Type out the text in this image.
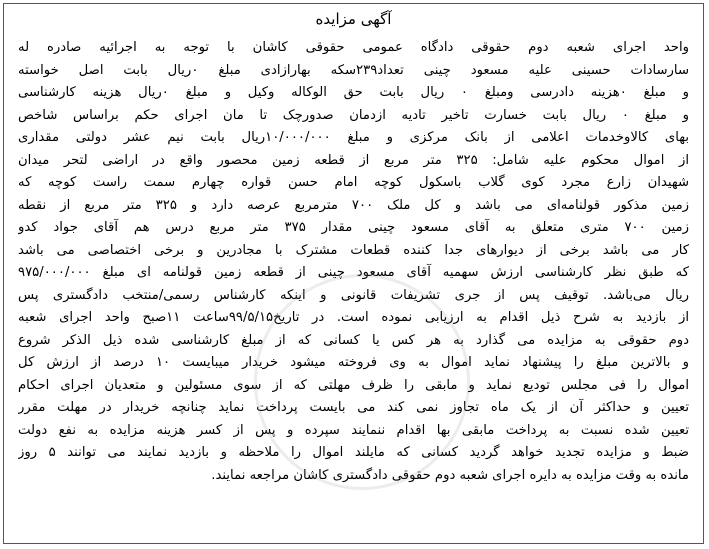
آگهی مزایده
واحد اجرای شعبه دوم حقوقی دادگاه عمومی حقوقی کاشان با توجه به اجرائیه صادره له
سارسادات حسینی علیه مسعود چینی تعداد۲۳۹سکه بهارازادی مبلغ ۰ریال بابت اصل خواسته
و مبلغ ۰هزینه دادرسی ومبلغ ۰ ریال بابت حق الوکاله وکیل و مبلغ ۰ریال هزینه کارشناسی
و مبلغ ۰ ریال بابت خسارت تاخیر تادیه ازدمان صدورچک تا مان اجرای حکم براساس شاخص
بهای کالاوخدمات اعلامی از بانک مرکزی و مبلغ ۱۰/۰۰۰/۰۰۰ریال بابت نیم عشر دولتی مقداری
از اموال محکوم علیه شامل: ۳۲۵ متر مربع از قطعه زمین محصور واقع در اراضی لتحر میدان
شهیدان زارع مجرد کوی گلاب باسکول کوچه امام حسن قواره چهارم سمت راست کوچه که
زمین مذکور قولنامه‌ای می باشد و کل ملک ۷۰۰ مترمربع عرصه دارد و ۳۲۵ متر مربع از نقطه
زمین ۷۰۰ متری متعلق به آقای مسعود چینی مقدار ۳۷۵ متر مربع درس هم آقای جواد کدو
کار می باشد برخی از دیوارهای جدا کننده قطعات مشترک با مجادرین و برخی اختصاصی می باشد
که طبق نظر کارشناسی ارزش سهمیه آقای مسعود چینی از قطعه زمین قولنامه ای مبلغ ۹۷۵/۰۰۰/۰۰۰
ریال می‌باشد. توقیف پس از جری تشریفات قانونی و اینکه کارشناس رسمی/منتخب دادگستری پس
از بازدید به شرح ذیل اقدام به ارزیابی نموده است. در تاریخ۹۹/۵/۱۵ساعت ۱۱صبح واحد اجرای شعبه
دوم حقوقی به مزایده می گذارد به هر کس یا کسانی که از مبلغ کارشناسی شده ذیل الذکر شروع
و بالاترین مبلغ را پیشنهاد نماید اموال به وی فروخته میشود خریدار میبایست ۱۰ درصد از ارزش کل
اموال را فی مجلس تودیع نماید و مابقی را ظرف مهلتی که از سوی مسئولین و متعدیان اجرای احکام
تعیین و حداکثر آن از یک ماه تجاوز نمی کند می بایست پرداخت نماید چنانچه خریدار در مهلت مقرر
تعیین شده نسبت به پرداخت مابقی بها اقدام ننمایند سپرده و پس از کسر هزینه مزایده به نفع دولت
ضبط و مزایده تجدید خواهد گردید کسانی که مایلند اموال را ملاحظه و بازدید نمایند می توانند ۵ روز
مانده به وقت مزایده به دایره اجرای شعبه دوم حقوقی دادگستری کاشان مراجعه نمایند.
